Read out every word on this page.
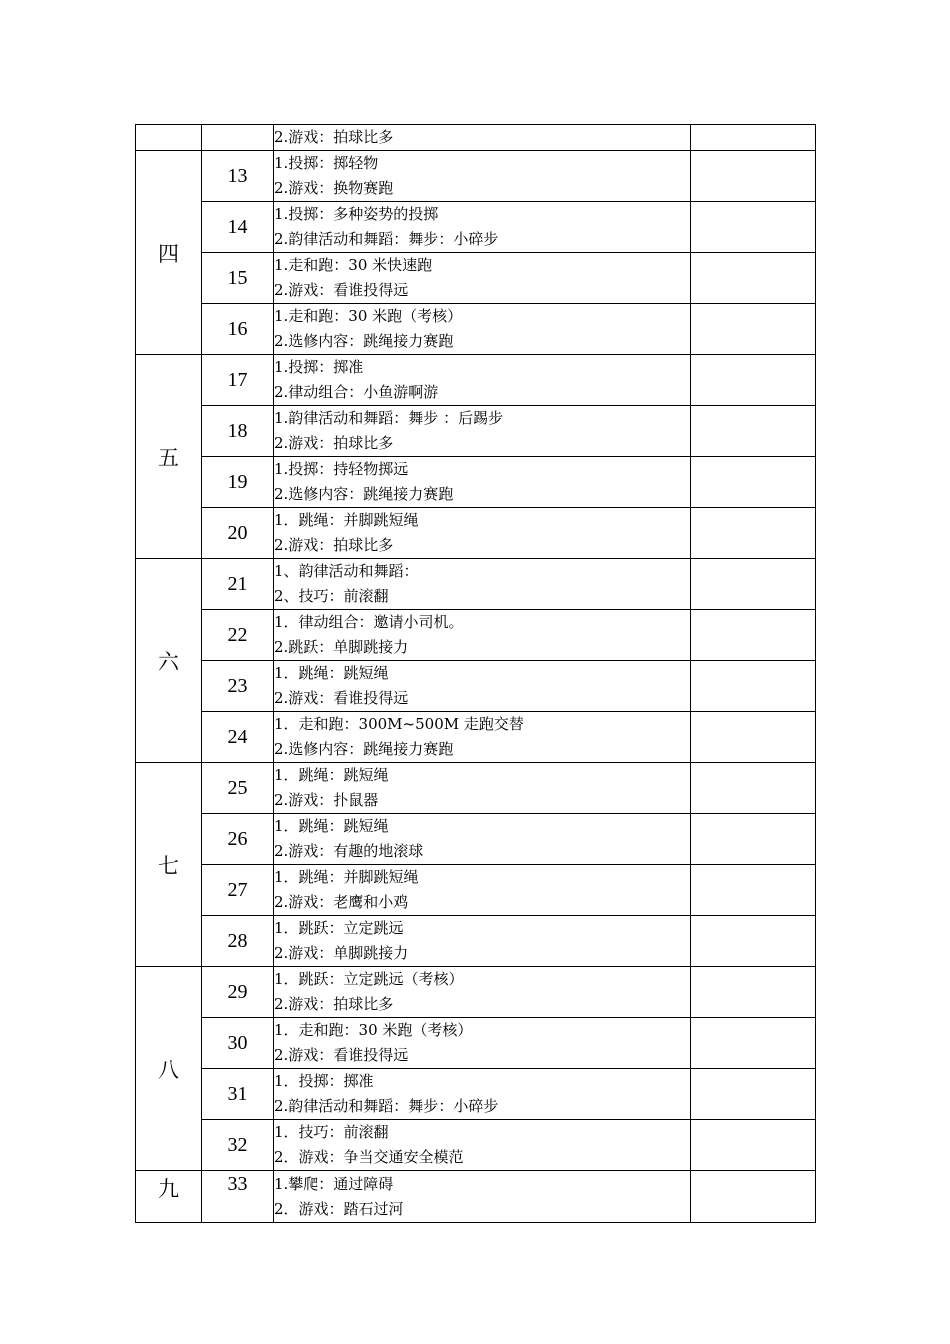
		2.游戏：拍球比多	

四	13	1.投掷：掷轻物
2.游戏：换物赛跑	

	14	1.投掷：多种姿势的投掷
2.韵律活动和舞蹈：舞步：小碎步	

	15	1.走和跑：30 米快速跑
2.游戏：看谁投得远	

	16	1.走和跑：30 米跑（考核）
2.选修内容：跳绳接力赛跑	

五	17	1.投掷：掷准
2.律动组合：小鱼游啊游	

	18	1.韵律活动和舞蹈：舞步 ：后踢步
2.游戏：拍球比多	

	19	1.投掷：持轻物掷远
2.选修内容：跳绳接力赛跑	

	20	1．跳绳：并脚跳短绳
2.游戏：拍球比多	

六	21	1、韵律活动和舞蹈：
2、技巧：前滚翻	

	22	1．律动组合：邀请小司机。
2.跳跃：单脚跳接力	

	23	1．跳绳：跳短绳
2.游戏：看谁投得远	

	24	1．走和跑：300M~500M 走跑交替
2.选修内容：跳绳接力赛跑	

七	25	1．跳绳：跳短绳
2.游戏：扑鼠器	

	26	1．跳绳：跳短绳
2.游戏：有趣的地滚球	

	27	1．跳绳：并脚跳短绳
2.游戏：老鹰和小鸡	

	28	1．跳跃：立定跳远
2.游戏：单脚跳接力	

八	29	1．跳跃：立定跳远（考核）
2.游戏：拍球比多	

	30	1．走和跑：30 米跑（考核）
2.游戏：看谁投得远	

	31	1．投掷：掷准
2.韵律活动和舞蹈：舞步：小碎步	

	32	1．技巧：前滚翻
2．游戏：争当交通安全模范	

九	33	1.攀爬：通过障碍
2．游戏：踏石过河	
